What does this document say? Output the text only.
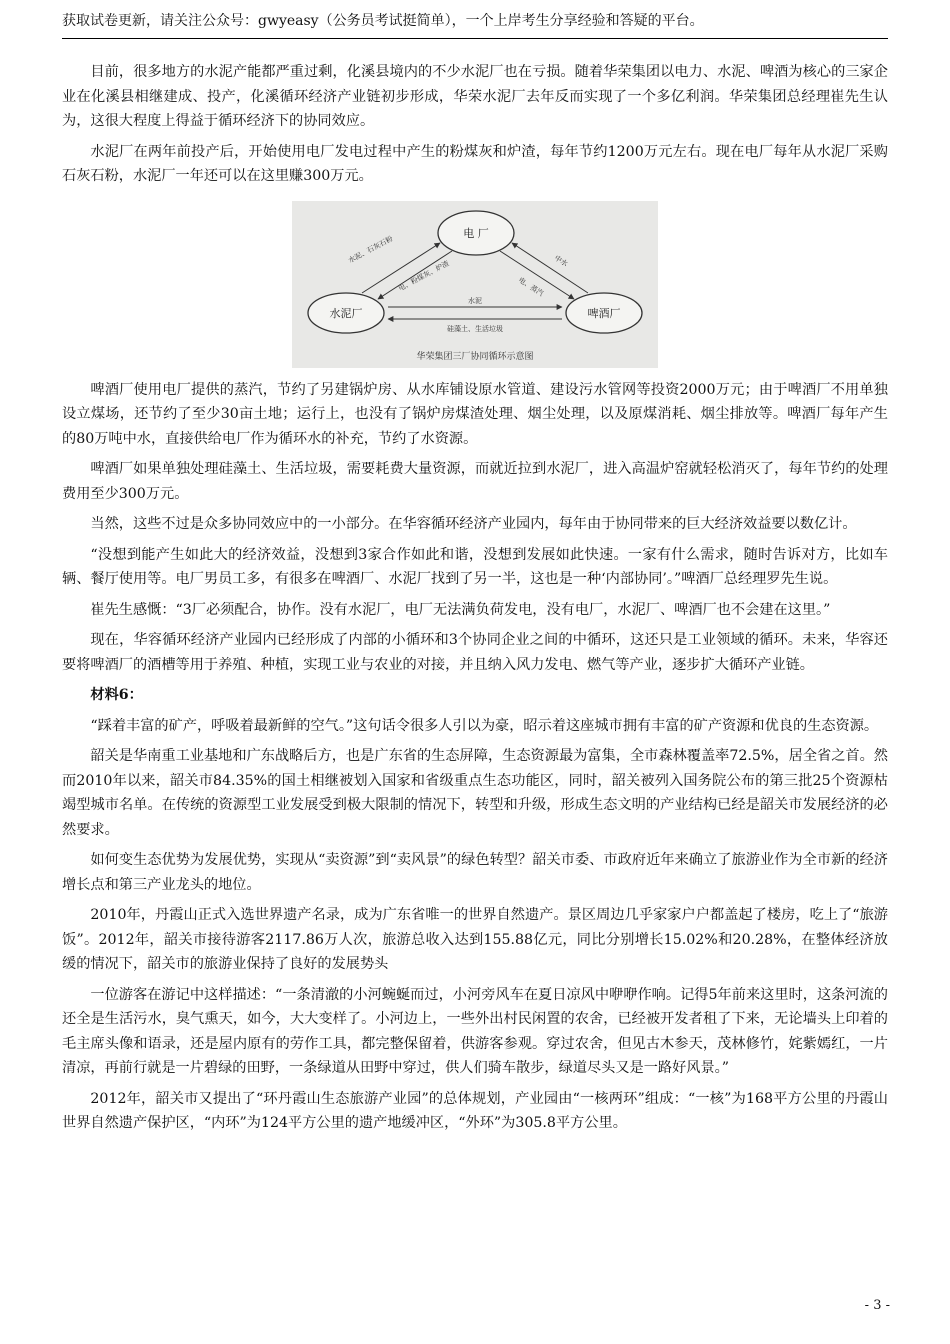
获取试卷更新，请关注公众号：gwyeasy（公务员考试挺简单），一个上岸考生分享经验和答疑的平台。

目前，很多地方的水泥产能都严重过剩，化溪县境内的不少水泥厂也在亏损。随着华荣集团以电力、水泥、啤酒为核心的三家企业在化溪县相继建成、投产，化溪循环经济产业链初步形成，华荣水泥厂去年反而实现了一个多亿利润。华荣集团总经理崔先生认为，这很大程度上得益于循环经济下的协同效应。

水泥厂在两年前投产后，开始使用电厂发电过程中产生的粉煤灰和炉渣，每年节约1200万元左右。现在电厂每年从水泥厂采购石灰石粉，水泥厂一年还可以在这里赚300万元。

电 厂
水泥厂	啤酒厂
水泥、石灰石粉
电、粉煤灰、炉渣	中水
电、蒸汽
水泥
硅藻土、生活垃圾
华荣集团三厂协同循环示意图

啤酒厂使用电厂提供的蒸汽，节约了另建锅炉房、从水库铺设原水管道、建设污水管网等投资2000万元；由于啤酒厂不用单独设立煤场，还节约了至少30亩土地；运行上，也没有了锅炉房煤渣处理、烟尘处理，以及原煤消耗、烟尘排放等。啤酒厂每年产生的80万吨中水，直接供给电厂作为循环水的补充，节约了水资源。

啤酒厂如果单独处理硅藻土、生活垃圾，需要耗费大量资源，而就近拉到水泥厂，进入高温炉窑就轻松消灭了，每年节约的处理费用至少300万元。

当然，这些不过是众多协同效应中的一小部分。在华容循环经济产业园内，每年由于协同带来的巨大经济效益要以数亿计。

“没想到能产生如此大的经济效益，没想到3家合作如此和谐，没想到发展如此快速。一家有什么需求，随时告诉对方，比如车辆、餐厅使用等。电厂男员工多，有很多在啤酒厂、水泥厂找到了另一半，这也是一种‘内部协同’。”啤酒厂总经理罗先生说。

崔先生感慨：“3厂必须配合，协作。没有水泥厂，电厂无法满负荷发电，没有电厂，水泥厂、啤酒厂也不会建在这里。”

现在，华容循环经济产业园内已经形成了内部的小循环和3个协同企业之间的中循环，这还只是工业领域的循环。未来，华容还要将啤酒厂的酒槽等用于养殖、种植，实现工业与农业的对接，并且纳入风力发电、燃气等产业，逐步扩大循环产业链。

材料6：

“踩着丰富的矿产，呼吸着最新鲜的空气。”这句话令很多人引以为豪，昭示着这座城市拥有丰富的矿产资源和优良的生态资源。

韶关是华南重工业基地和广东战略后方，也是广东省的生态屏障，生态资源最为富集，全市森林覆盖率72.5%，居全省之首。然而2010年以来，韶关市84.35%的国土相继被划入国家和省级重点生态功能区，同时，韶关被列入国务院公布的第三批25个资源枯竭型城市名单。在传统的资源型工业发展受到极大限制的情况下，转型和升级，形成生态文明的产业结构已经是韶关市发展经济的必然要求。

如何变生态优势为发展优势，实现从“卖资源”到“卖风景”的绿色转型？韶关市委、市政府近年来确立了旅游业作为全市新的经济增长点和第三产业龙头的地位。

2010年，丹霞山正式入选世界遗产名录，成为广东省唯一的世界自然遗产。景区周边几乎家家户户都盖起了楼房，吃上了“旅游饭”。2012年，韶关市接待游客2117.86万人次，旅游总收入达到155.88亿元，同比分别增长15.02%和20.28%，在整体经济放缓的情况下，韶关市的旅游业保持了良好的发展势头

一位游客在游记中这样描述：“一条清澈的小河蜿蜒而过，小河旁风车在夏日凉风中咿咿作响。记得5年前来这里时，这条河流的还全是生活污水，臭气熏天，如今，大大变样了。小河边上，一些外出村民闲置的农舍，已经被开发者租了下来，无论墙头上印着的毛主席头像和语录，还是屋内原有的劳作工具，都完整保留着，供游客参观。穿过农舍，但见古木参天，茂林修竹，姹紫嫣红，一片清凉，再前行就是一片碧绿的田野，一条绿道从田野中穿过，供人们骑车散步，绿道尽头又是一路好风景。”

2012年，韶关市又提出了“环丹霞山生态旅游产业园”的总体规划，产业园由“一核两环”组成：“一核”为168平方公里的丹霞山世界自然遗产保护区，“内环”为124平方公里的遗产地缓冲区，“外环”为305.8平方公里。

- 3 -
